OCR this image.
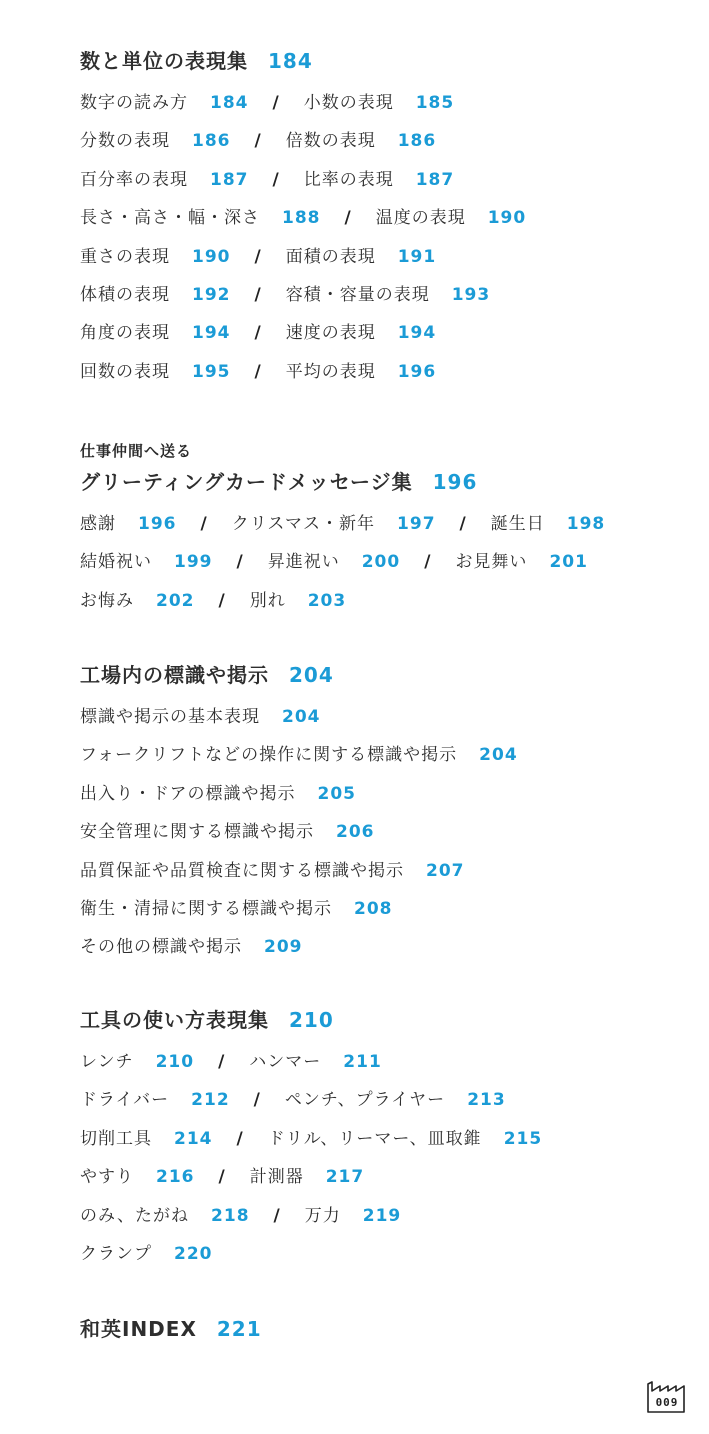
数と単位の表現集 184
数字の読み方 184 / 小数の表現 185
分数の表現 186 / 倍数の表現 186
百分率の表現 187 / 比率の表現 187
長さ・高さ・幅・深さ 188 / 温度の表現 190
重さの表現 190 / 面積の表現 191
体積の表現 192 / 容積・容量の表現 193
角度の表現 194 / 速度の表現 194
回数の表現 195 / 平均の表現 196
仕事仲間へ送る
グリーティングカードメッセージ集 196
感謝 196 / クリスマス・新年 197 / 誕生日 198
結婚祝い 199 / 昇進祝い 200 / お見舞い 201
お悔み 202 / 別れ 203
工場内の標識や掲示 204
標識や掲示の基本表現 204
フォークリフトなどの操作に関する標識や掲示 204
出入り・ドアの標識や掲示 205
安全管理に関する標識や掲示 206
品質保証や品質検査に関する標識や掲示 207
衛生・清掃に関する標識や掲示 208
その他の標識や掲示 209
工具の使い方表現集 210
レンチ 210 / ハンマー 211
ドライバー 212 / ペンチ、プライヤー 213
切削工具 214 / ドリル、リーマー、皿取錐 215
やすり 216 / 計測器 217
のみ、たがね 218 / 万力 219
クランプ 220
和英INDEX 221
009
